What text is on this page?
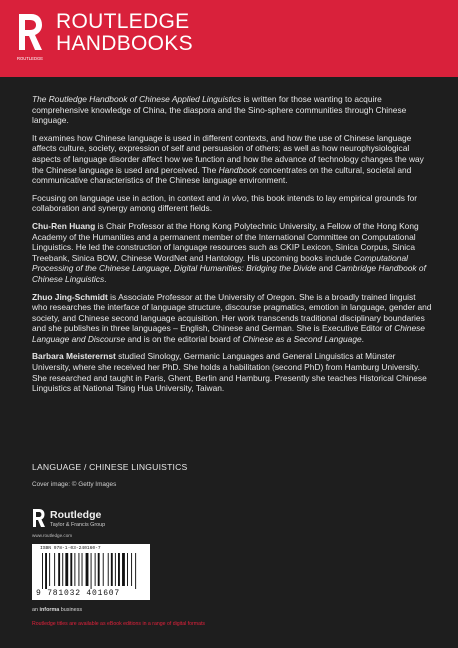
ROUTLEDGE
ROUTLEDGE
HANDBOOKS

The Routledge Handbook of Chinese Applied Linguistics is written for those wanting to acquire comprehensive knowledge of China, the diaspora and the Sino-sphere communities through Chinese language.

It examines how Chinese language is used in different contexts, and how the use of Chinese language affects culture, society, expression of self and persuasion of others; as well as how neurophysiological aspects of language disorder affect how we function and how the advance of technology changes the way the Chinese language is used and perceived. The Handbook concentrates on the cultural, societal and communicative characteristics of the Chinese language environment.

Focusing on language use in action, in context and in vivo, this book intends to lay empirical grounds for collaboration and synergy among different fields.

Chu-Ren Huang is Chair Professor at the Hong Kong Polytechnic University, a Fellow of the Hong Kong Academy of the Humanities and a permanent member of the International Committee on Computational Linguistics. He led the construction of language resources such as CKIP Lexicon, Sinica Corpus, Sinica Treebank, Sinica BOW, Chinese WordNet and Hantology. His upcoming books include Computational Processing of the Chinese Language, Digital Humanities: Bridging the Divide and Cambridge Handbook of Chinese Linguistics.

Zhuo Jing-Schmidt is Associate Professor at the University of Oregon. She is a broadly trained linguist who researches the interface of language structure, discourse pragmatics, emotion in language, gender and society, and Chinese second language acquisition. Her work transcends traditional disciplinary boundaries and she publishes in three languages – English, Chinese and German. She is Executive Editor of Chinese Language and Discourse and is on the editorial board of Chinese as a Second Language.

Barbara Meisterernst studied Sinology, Germanic Languages and General Linguistics at Münster University, where she received her PhD. She holds a habilitation (second PhD) from Hamburg University. She researched and taught in Paris, Ghent, Berlin and Hamburg. Presently she teaches Historical Chinese Linguistics at National Tsing Hua University, Taiwan.

LANGUAGE / CHINESE LINGUISTICS
Cover image: © Getty Images
Routledge
Taylor & Francis Group
www.routledge.com
ISBN 978-1-03-240160-7
9 781032 401607
an informa business
Routledge titles are available as eBook editions in a range of digital formats
